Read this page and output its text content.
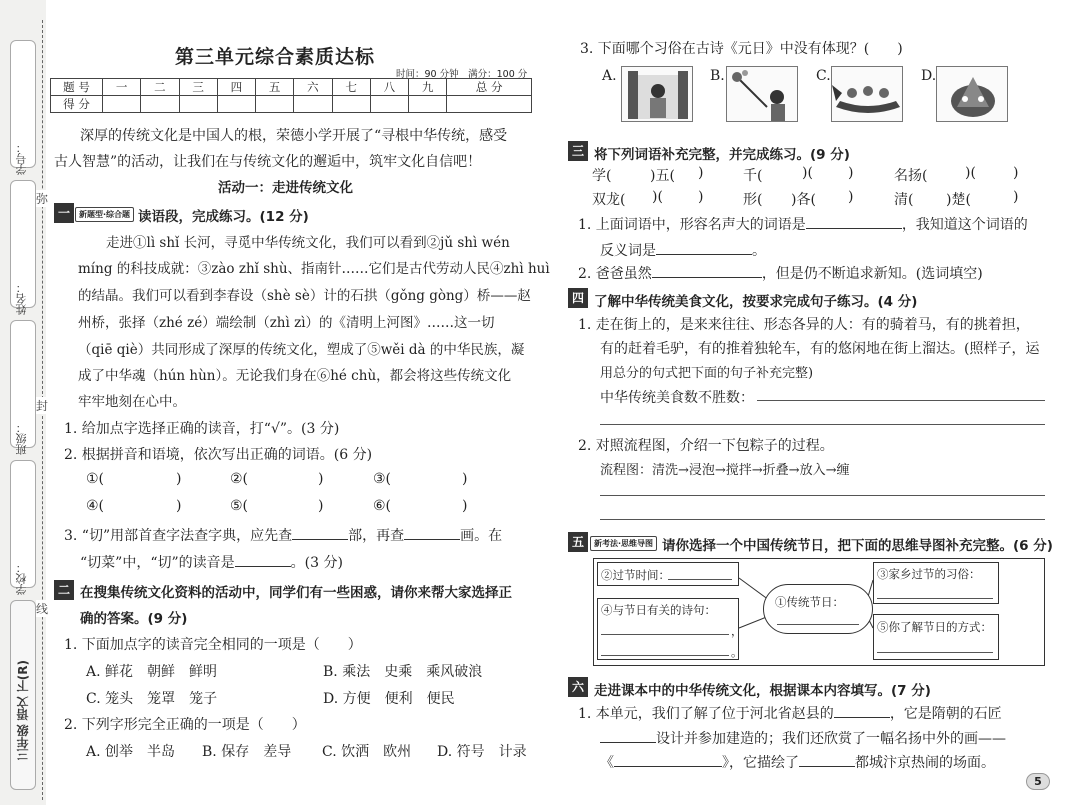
学号：
姓名：
班级：
学校：
三年级 语文 下(R)
弥
封
线
第三单元综合素质达标
时间：90 分钟　满分：100 分
题 号	一	二	三	四	五	六	七	八	九	总 分
得 分										
深厚的传统文化是中国人的根，荣德小学开展了“寻根中华传统，感受
古人智慧”的活动，让我们在与传统文化的邂逅中，筑牢文化自信吧！
活动一：走进传统文化
一	新题型·综合题 读语段，完成练习。(12 分)
走进①lì shǐ 长河，寻觅中华传统文化，我们可以看到②jǔ shì wén
míng 的科技成就：③zào zhǐ shù、指南针……它们是古代劳动人民④zhì huì
的结晶。我们可以看到李春设（shè sè）计的石拱（gǒng gòng）桥——赵
州桥，张择（zhé zé）端绘制（zhì zì）的《清明上河图》……这一切
（qiē qiè）共同形成了深厚的传统文化，塑成了⑤wěi dà 的中华民族，凝
成了中华魂（hún hùn）。无论我们身在⑥hé chù，都会将这些传统文化
牢牢地刻在心中。
1. 给加点字选择正确的读音，打“√”。(3 分)
2. 根据拼音和语境，依次写出正确的词语。(6 分)
①(	)	②(	)	③(	)
④(	)	⑤(	)	⑥(	)
3. “切”用部首查字法查字典，应先查	部，再查	画。在
“切菜”中，“切”的读音是	。(3 分)
二 在搜集传统文化资料的活动中，同学们有一些困惑，请你来帮大家选择正
确的答案。(9 分)
1. 下面加点字的读音完全相同的一项是（　　）
A. 鲜花　朝鲜　鲜明	B. 乘法　史乘　乘风破浪
C. 笼头　笼罩　笼子	D. 方便　便利　便民
2. 下列字形完全正确的一项是（　　）
A. 创举　半岛 B. 保存　差导 C. 饮洒　欧州 D. 符号　计录
3. 下面哪个习俗在古诗《元日》中没有体现？(　　)
A.	B.	C.	D.
三 将下列词语补充完整，并完成练习。(9 分)
学(	)五( )	千(	)(	)	名扬(	)(	)
双龙( )(	)	形( )各( )	清( )楚(	)
1. 上面词语中，形容名声大的词语是	，我知道这个词语的
反义词是	。
2. 爸爸虽然	，但是仍不断追求新知。(选词填空)
四 了解中华传统美食文化，按要求完成句子练习。(4 分)
1. 走在街上的，是来来往往、形态各异的人：有的骑着马，有的挑着担，
有的赶着毛驴，有的推着独轮车，有的悠闲地在街上溜达。(照样子，运
用总分的句式把下面的句子补充完整)
中华传统美食数不胜数：
2. 对照流程图，介绍一下包粽子的过程。
流程图：清洗→浸泡→搅拌→折叠→放入→缠
五	新考法·思维导图 请你选择一个中国传统节日，把下面的思维导图补充完整。(6 分)
②过节时间：
④与节日有关的诗句：
，
。
①传统节日：
③家乡过节的习俗：
⑤你了解节日的方式：
六 走进课本中的中华传统文化，根据课本内容填写。(7 分)
1. 本单元，我们了解了位于河北省赵县的	，它是隋朝的石匠
设计并参加建造的；我们还欣赏了一幅名扬中外的画——
《	》，它描绘了	都城汴京热闹的场面。
5
